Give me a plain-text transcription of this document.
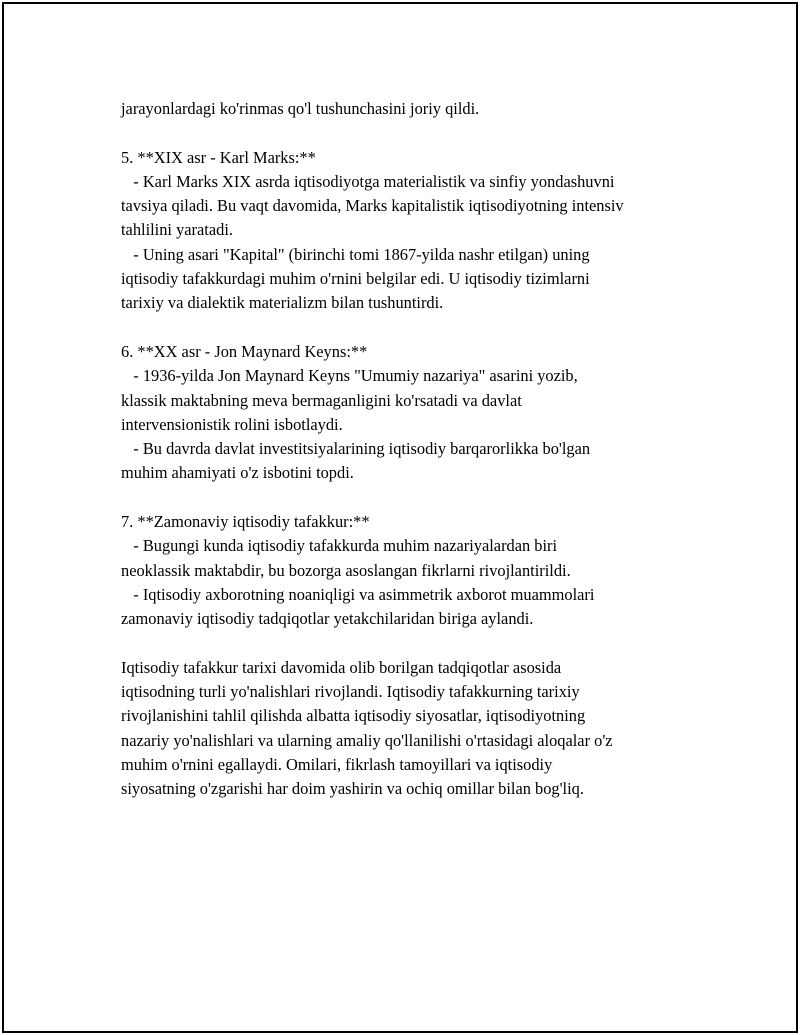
jarayonlardagi ko'rinmas qo'l tushunchasini joriy qildi.
5. **XIX asr - Karl Marks:**
- Karl Marks XIX asrda iqtisodiyotga materialistik va sinfiy yondashuvni
tavsiya qiladi. Bu vaqt davomida, Marks kapitalistik iqtisodiyotning intensiv
tahlilini yaratadi.
- Uning asari "Kapital" (birinchi tomi 1867-yilda nashr etilgan) uning
iqtisodiy tafakkurdagi muhim o'rnini belgilar edi. U iqtisodiy tizimlarni
tarixiy va dialektik materializm bilan tushuntirdi.
6. **XX asr - Jon Maynard Keyns:**
- 1936-yilda Jon Maynard Keyns "Umumiy nazariya" asarini yozib,
klassik maktabning meva bermaganligini ko'rsatadi va davlat
intervensionistik rolini isbotlaydi.
- Bu davrda davlat investitsiyalarining iqtisodiy barqarorlikka bo'lgan
muhim ahamiyati o'z isbotini topdi.
7. **Zamonaviy iqtisodiy tafakkur:**
- Bugungi kunda iqtisodiy tafakkurda muhim nazariyalardan biri
neoklassik maktabdir, bu bozorga asoslangan fikrlarni rivojlantirildi.
- Iqtisodiy axborotning noaniqligi va asimmetrik axborot muammolari
zamonaviy iqtisodiy tadqiqotlar yetakchilaridan biriga aylandi.
Iqtisodiy tafakkur tarixi davomida olib borilgan tadqiqotlar asosida
iqtisodning turli yo'nalishlari rivojlandi. Iqtisodiy tafakkurning tarixiy
rivojlanishini tahlil qilishda albatta iqtisodiy siyosatlar, iqtisodiyotning
nazariy yo'nalishlari va ularning amaliy qo'llanilishi o'rtasidagi aloqalar o'z
muhim o'rnini egallaydi. Omilari, fikrlash tamoyillari va iqtisodiy
siyosatning o'zgarishi har doim yashirin va ochiq omillar bilan bog'liq.
